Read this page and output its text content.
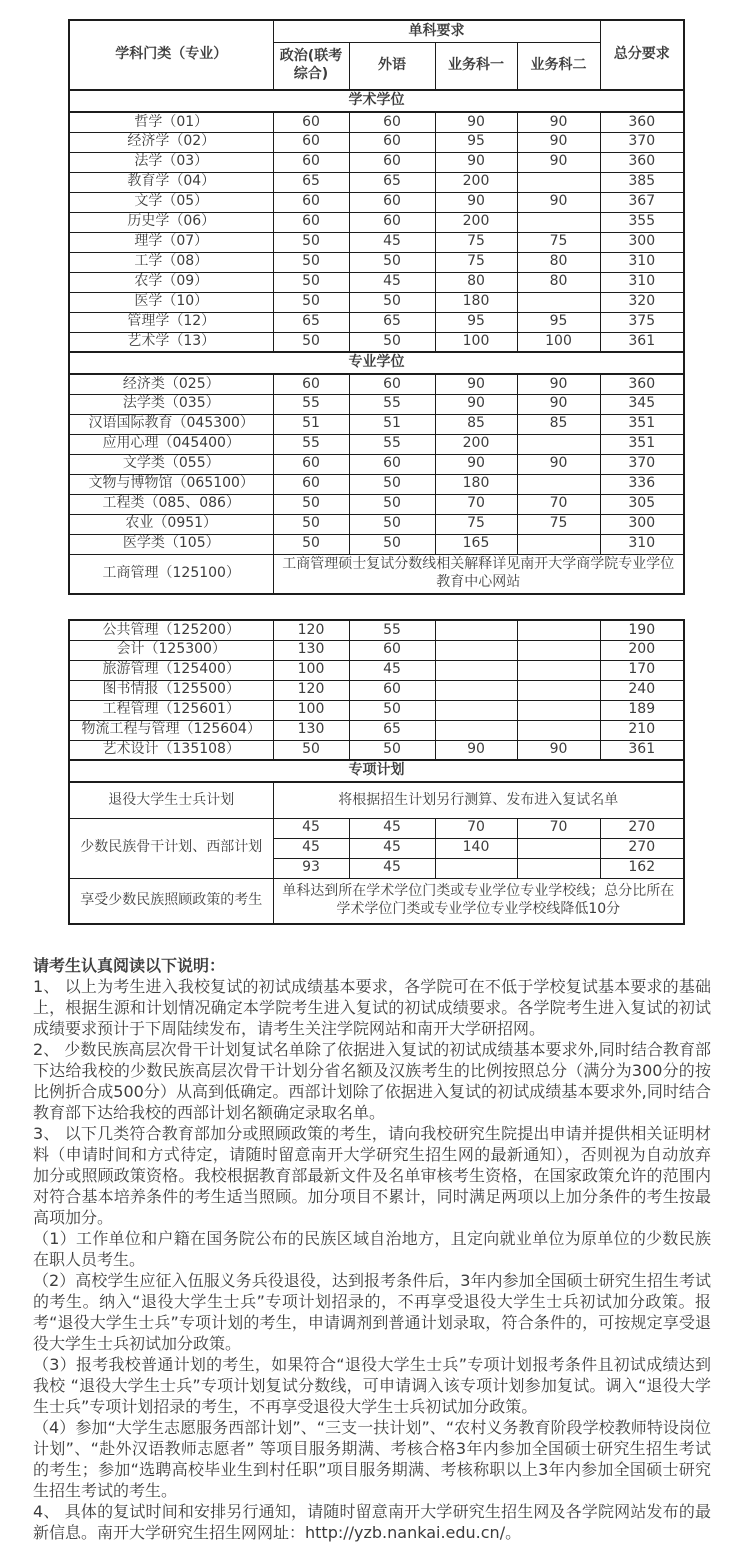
学科门类（专业）	单科要求				总分要求
	政治(联考综合)	外语	业务科一	业务科二	
学术学位					
哲学（01）	60	60	90	90	360
经济学（02）	60	60	95	90	370
法学（03）	60	60	90	90	360
教育学（04）	65	65	200		385
文学（05）	60	60	90	90	367
历史学（06）	60	60	200		355
理学（07）	50	45	75	75	300
工学（08）	50	50	75	80	310
农学（09）	50	45	80	80	310
医学（10）	50	50	180		320
管理学（12）	65	65	95	95	375
艺术学（13）	50	50	100	100	361
专业学位					
经济类（025）	60	60	90	90	360
法学类（035）	55	55	90	90	345
汉语国际教育（045300）	51	51	85	85	351
应用心理（045400）	55	55	200		351
文学类（055）	60	60	90	90	370
文物与博物馆（065100）	60	50	180		336
工程类（085、086）	50	50	70	70	305
农业（0951）	50	50	75	75	300
医学类（105）	50	50	165		310
工商管理（125100）	工商管理硕士复试分数线相关解释详见南开大学商学院专业学位教育中心网站				
公共管理（125200）	120	55			190
会计（125300）	130	60			200
旅游管理（125400）	100	45			170
图书情报（125500）	120	60			240
工程管理（125601）	100	50			189
物流工程与管理（125604）	130	65			210
艺术设计（135108）	50	50	90	90	361
专项计划					
退役大学生士兵计划	将根据招生计划另行测算、发布进入复试名单				
少数民族骨干计划、西部计划	45	45	70	70	270
	45	45	140		270
	93	45			162
享受少数民族照顾政策的考生	单科达到所在学术学位门类或专业学位专业学校线；总分比所在学术学位门类或专业学位专业学校线降低10分				

请考生认真阅读以下说明：

1、 以上为考生进入我校复试的初试成绩基本要求，各学院可在不低于学校复试基本要求的基础上，根据生源和计划情况确定本学院考生进入复试的初试成绩要求。各学院考生进入复试的初试成绩要求预计于下周陆续发布，请考生关注学院网站和南开大学研招网。

2、 少数民族高层次骨干计划复试名单除了依据进入复试的初试成绩基本要求外,同时结合教育部下达给我校的少数民族高层次骨干计划分省名额及汉族考生的比例按照总分（满分为300分的按比例折合成500分）从高到低确定。西部计划除了依据进入复试的初试成绩基本要求外,同时结合教育部下达给我校的西部计划名额确定录取名单。

3、 以下几类符合教育部加分或照顾政策的考生，请向我校研究生院提出申请并提供相关证明材料（申请时间和方式待定，请随时留意南开大学研究生招生网的最新通知），否则视为自动放弃加分或照顾政策资格。我校根据教育部最新文件及名单审核考生资格，在国家政策允许的范围内对符合基本培养条件的考生适当照顾。加分项目不累计，同时满足两项以上加分条件的考生按最高项加分。

（1）工作单位和户籍在国务院公布的民族区域自治地方，且定向就业单位为原单位的少数民族在职人员考生。

（2）高校学生应征入伍服义务兵役退役，达到报考条件后，3年内参加全国硕士研究生招生考试的考生。纳入“退役大学生士兵”专项计划招录的，不再享受退役大学生士兵初试加分政策。报考“退役大学生士兵”专项计划的考生，申请调剂到普通计划录取，符合条件的，可按规定享受退役大学生士兵初试加分政策。

（3）报考我校普通计划的考生，如果符合“退役大学生士兵”专项计划报考条件且初试成绩达到我校 “退役大学生士兵”专项计划复试分数线，可申请调入该专项计划参加复试。调入“退役大学生士兵”专项计划招录的考生，不再享受退役大学生士兵初试加分政策。

（4）参加“大学生志愿服务西部计划”、“三支一扶计划”、“农村义务教育阶段学校教师特设岗位计划”、“赴外汉语教师志愿者” 等项目服务期满、考核合格3年内参加全国硕士研究生招生考试的考生；参加“选聘高校毕业生到村任职”项目服务期满、考核称职以上3年内参加全国硕士研究生招生考试的考生。

4、 具体的复试时间和安排另行通知，请随时留意南开大学研究生招生网及各学院网站发布的最新信息。南开大学研究生招生网网址：http://yzb.nankai.edu.cn/。
